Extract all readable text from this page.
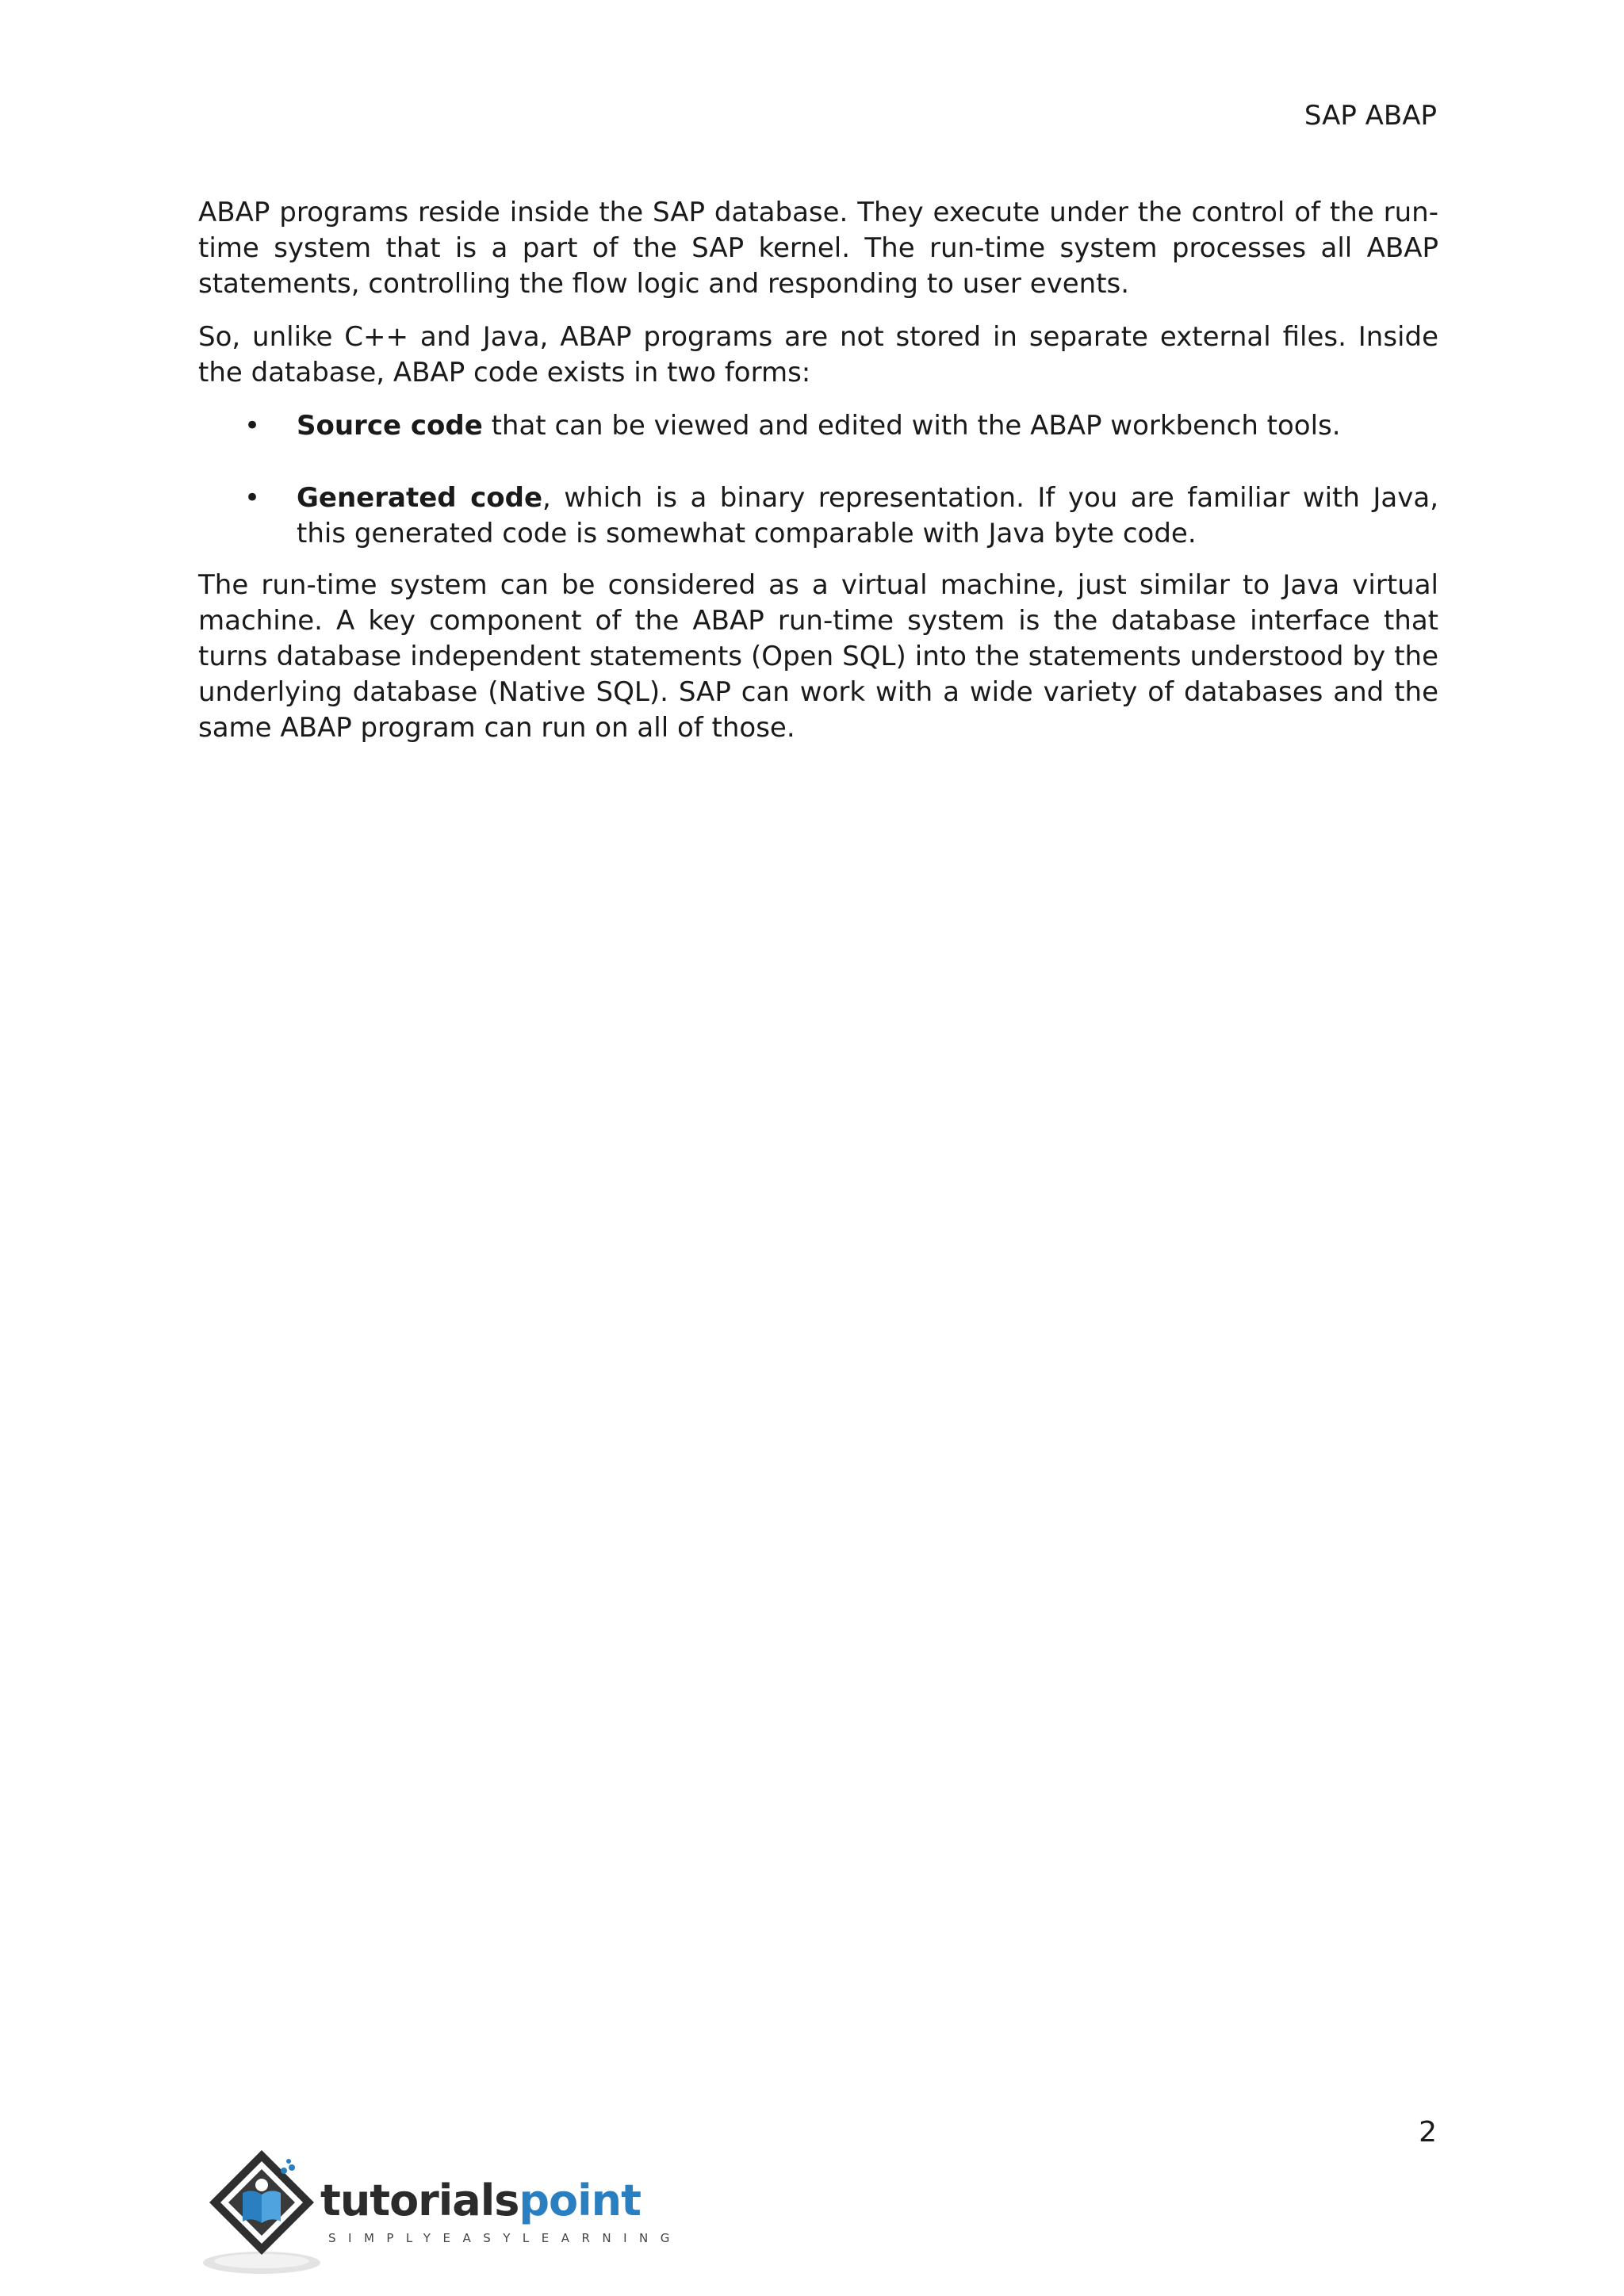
SAP ABAP

ABAP programs reside inside the SAP database. They execute under the control of the run-time system that is a part of the SAP kernel. The run-time system processes all ABAP statements, controlling the flow logic and responding to user events.

So, unlike C++ and Java, ABAP programs are not stored in separate external files. Inside the database, ABAP code exists in two forms:

• Source code that can be viewed and edited with the ABAP workbench tools.
• Generated code, which is a binary representation. If you are familiar with Java, this generated code is somewhat comparable with Java byte code.

The run-time system can be considered as a virtual machine, just similar to Java virtual machine. A key component of the ABAP run-time system is the database interface that turns database independent statements (Open SQL) into the statements understood by the underlying database (Native SQL). SAP can work with a wide variety of databases and the same ABAP program can run on all of those.

2
tutorialspoint
SIMPLYEASYLEARNING
